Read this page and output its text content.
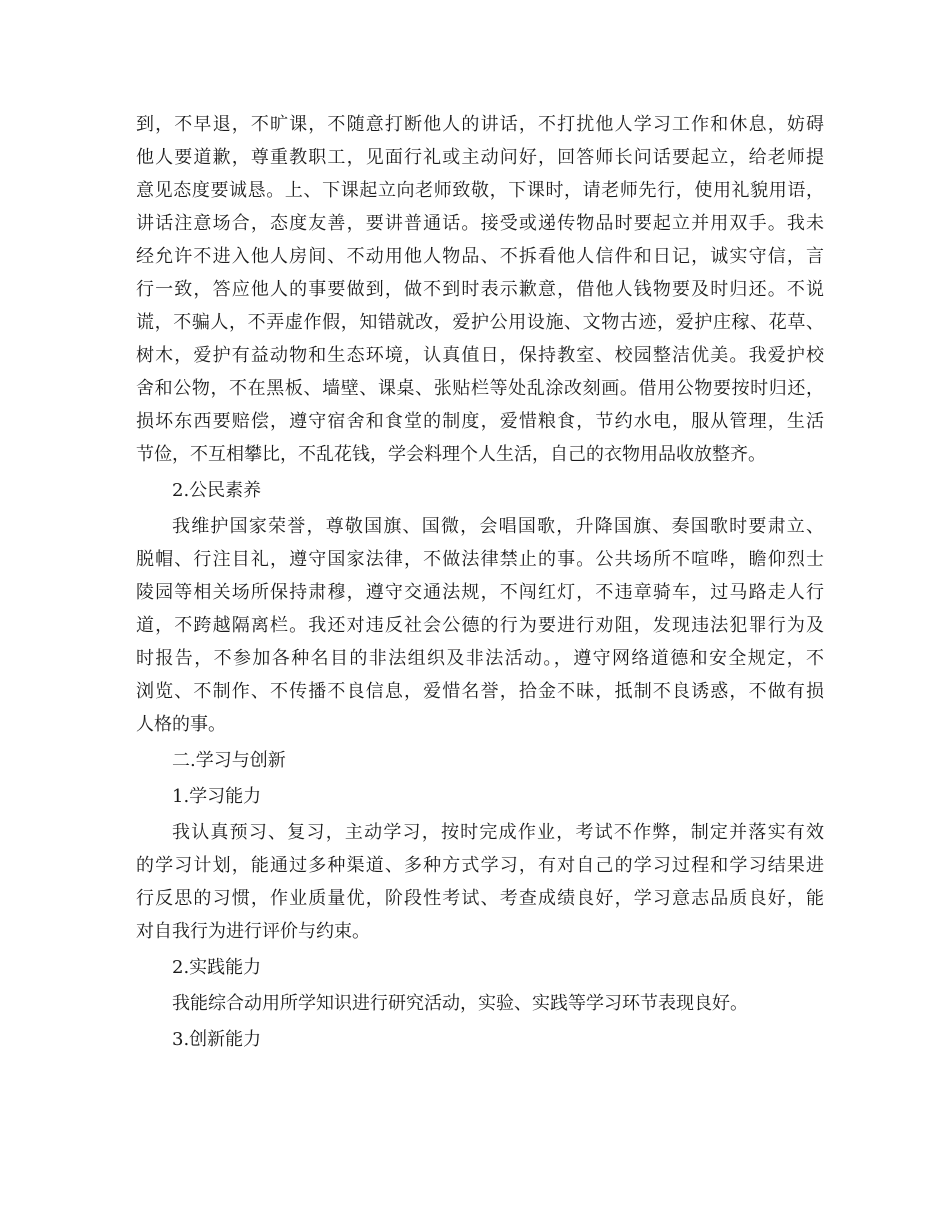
到，不早退，不旷课，不随意打断他人的讲话，不打扰他人学习工作和休息，妨碍
他人要道歉，尊重教职工，见面行礼或主动问好，回答师长问话要起立，给老师提
意见态度要诚恳。上、下课起立向老师致敬，下课时，请老师先行，使用礼貌用语，
讲话注意场合，态度友善，要讲普通话。接受或递传物品时要起立并用双手。我未
经允许不进入他人房间、不动用他人物品、不拆看他人信件和日记，诚实守信，言
行一致，答应他人的事要做到，做不到时表示歉意，借他人钱物要及时归还。不说
谎，不骗人，不弄虚作假，知错就改，爱护公用设施、文物古迹，爱护庄稼、花草、
树木，爱护有益动物和生态环境，认真值日，保持教室、校园整洁优美。我爱护校
舍和公物，不在黑板、墙壁、课桌、张贴栏等处乱涂改刻画。借用公物要按时归还，
损坏东西要赔偿，遵守宿舍和食堂的制度，爱惜粮食，节约水电，服从管理，生活
节俭，不互相攀比，不乱花钱，学会料理个人生活，自己的衣物用品收放整齐。
2.公民素养
我维护国家荣誉，尊敬国旗、国微，会唱国歌，升降国旗、奏国歌时要肃立、
脱帽、行注目礼，遵守国家法律，不做法律禁止的事。公共场所不喧哗，瞻仰烈士
陵园等相关场所保持肃穆，遵守交通法规，不闯红灯，不违章骑车，过马路走人行
道，不跨越隔离栏。我还对违反社会公德的行为要进行劝阻，发现违法犯罪行为及
时报告，不参加各种名目的非法组织及非法活动。，遵守网络道德和安全规定，不
浏览、不制作、不传播不良信息，爱惜名誉，拾金不昧，抵制不良诱惑，不做有损
人格的事。
二.学习与创新
1.学习能力
我认真预习、复习，主动学习，按时完成作业，考试不作弊，制定并落实有效
的学习计划，能通过多种渠道、多种方式学习，有对自己的学习过程和学习结果进
行反思的习惯，作业质量优，阶段性考试、考查成绩良好，学习意志品质良好，能
对自我行为进行评价与约束。
2.实践能力
我能综合动用所学知识进行研究活动，实验、实践等学习环节表现良好。
3.创新能力
